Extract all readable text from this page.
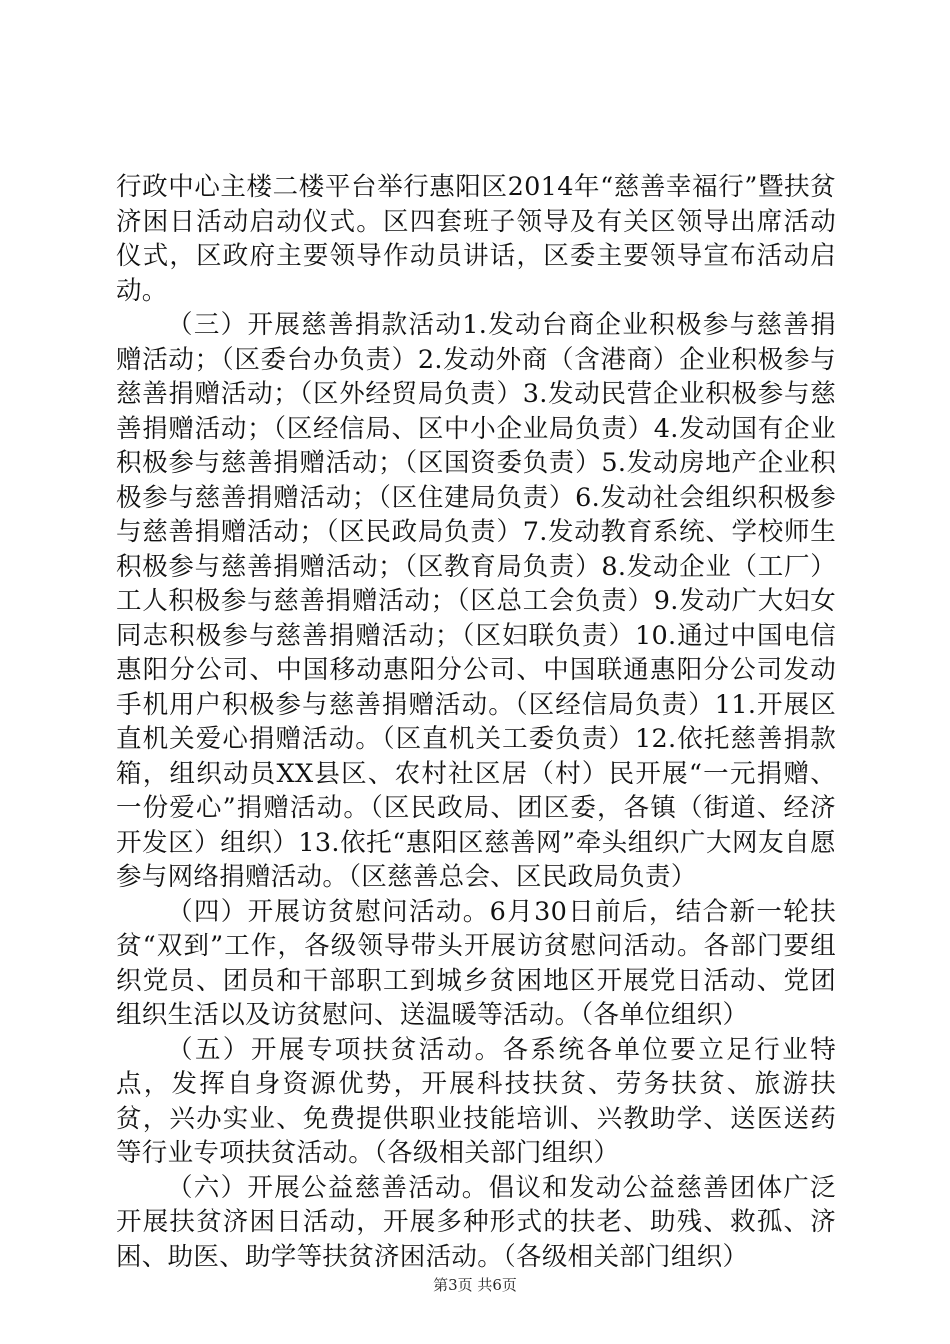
行政中心主楼二楼平台举行惠阳区2014年“慈善幸福行”暨扶贫济困日活动启动仪式。区四套班子领导及有关区领导出席活动仪式，区政府主要领导作动员讲话，区委主要领导宣布活动启动。

（三）开展慈善捐款活动1.发动台商企业积极参与慈善捐赠活动；（区委台办负责）2.发动外商（含港商）企业积极参与慈善捐赠活动；（区外经贸局负责）3.发动民营企业积极参与慈善捐赠活动；（区经信局、区中小企业局负责）4.发动国有企业积极参与慈善捐赠活动；（区国资委负责）5.发动房地产企业积极参与慈善捐赠活动；（区住建局负责）6.发动社会组织积极参与慈善捐赠活动；（区民政局负责）7.发动教育系统、学校师生积极参与慈善捐赠活动；（区教育局负责）8.发动企业（工厂）工人积极参与慈善捐赠活动；（区总工会负责）9.发动广大妇女同志积极参与慈善捐赠活动；（区妇联负责）10.通过中国电信惠阳分公司、中国移动惠阳分公司、中国联通惠阳分公司发动手机用户积极参与慈善捐赠活动。（区经信局负责）11.开展区直机关爱心捐赠活动。（区直机关工委负责）12.依托慈善捐款箱，组织动员XX县区、农村社区居（村）民开展“一元捐赠、一份爱心”捐赠活动。（区民政局、团区委，各镇（街道、经济开发区）组织）13.依托“惠阳区慈善网”牵头组织广大网友自愿参与网络捐赠活动。（区慈善总会、区民政局负责）

（四）开展访贫慰问活动。6月30日前后，结合新一轮扶贫“双到”工作，各级领导带头开展访贫慰问活动。各部门要组织党员、团员和干部职工到城乡贫困地区开展党日活动、党团组织生活以及访贫慰问、送温暖等活动。（各单位组织）

（五）开展专项扶贫活动。各系统各单位要立足行业特点，发挥自身资源优势，开展科技扶贫、劳务扶贫、旅游扶贫，兴办实业、免费提供职业技能培训、兴教助学、送医送药等行业专项扶贫活动。（各级相关部门组织）

（六）开展公益慈善活动。倡议和发动公益慈善团体广泛开展扶贫济困日活动，开展多种形式的扶老、助残、救孤、济困、助医、助学等扶贫济困活动。（各级相关部门组织）

第3页 共6页
